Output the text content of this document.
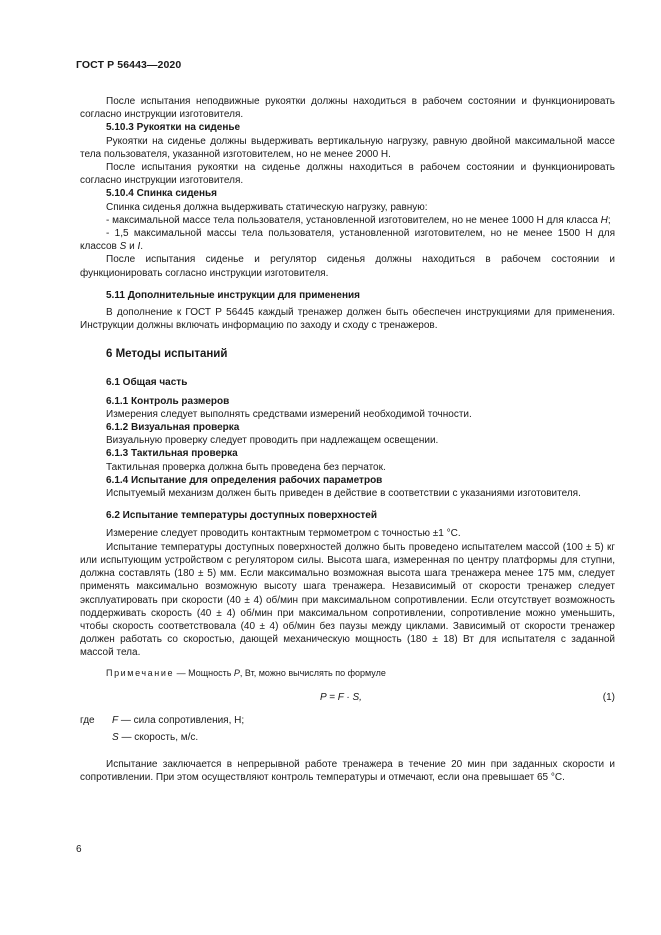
ГОСТ Р 56443—2020

После испытания неподвижные рукоятки должны находиться в рабочем состоянии и функционировать согласно инструкции изготовителя.

5.10.3 Рукоятки на сиденье

Рукоятки на сиденье должны выдерживать вертикальную нагрузку, равную двойной максимальной массе тела пользователя, указанной изготовителем, но не менее 2000 Н.

После испытания рукоятки на сиденье должны находиться в рабочем состоянии и функционировать согласно инструкции изготовителя.

5.10.4 Спинка сиденья

Спинка сиденья должна выдерживать статическую нагрузку, равную:

- максимальной массе тела пользователя, установленной изготовителем, но не менее 1000 Н для класса H;

- 1,5 максимальной массы тела пользователя, установленной изготовителем, но не менее 1500 Н для классов S и I.

После испытания сиденье и регулятор сиденья должны находиться в рабочем состоянии и функционировать согласно инструкции изготовителя.

5.11 Дополнительные инструкции для применения

В дополнение к ГОСТ Р 56445 каждый тренажер должен быть обеспечен инструкциями для применения. Инструкции должны включать информацию по заходу и сходу с тренажеров.

6 Методы испытаний

6.1 Общая часть

6.1.1 Контроль размеров

Измерения следует выполнять средствами измерений необходимой точности.

6.1.2 Визуальная проверка

Визуальную проверку следует проводить при надлежащем освещении.

6.1.3 Тактильная проверка

Тактильная проверка должна быть проведена без перчаток.

6.1.4 Испытание для определения рабочих параметров

Испытуемый механизм должен быть приведен в действие в соответствии с указаниями изготовителя.

6.2 Испытание температуры доступных поверхностей

Измерение следует проводить контактным термометром с точностью ±1 °С.

Испытание температуры доступных поверхностей должно быть проведено испытателем массой (100 ± 5) кг или испытующим устройством с регулятором силы. Высота шага, измеренная по центру платформы для ступни, должна составлять (180 ± 5) мм. Если максимально возможная высота шага тренажера менее 175 мм, следует применять максимально возможную высоту шага тренажера. Независимый от скорости тренажер следует эксплуатировать при скорости (40 ± 4) об/мин при максимальном сопротивлении. Если отсутствует возможность поддерживать скорость (40 ± 4) об/мин при максимальном сопротивлении, сопротивление можно уменьшить, чтобы скорость соответствовала (40 ± 4) об/мин без паузы между циклами. Зависимый от скорости тренажер должен работать со скоростью, дающей механическую мощность (180 ± 18) Вт для испытателя с заданной массой тела.

Примечание — Мощность P, Вт, можно вычислять по формуле

P = F · S,	(1)
где F — сила сопротивления, Н;
S — скорость, м/с.

Испытание заключается в непрерывной работе тренажера в течение 20 мин при заданных скорости и сопротивлении. При этом осуществляют контроль температуры и отмечают, если она превышает 65 °С.

6
